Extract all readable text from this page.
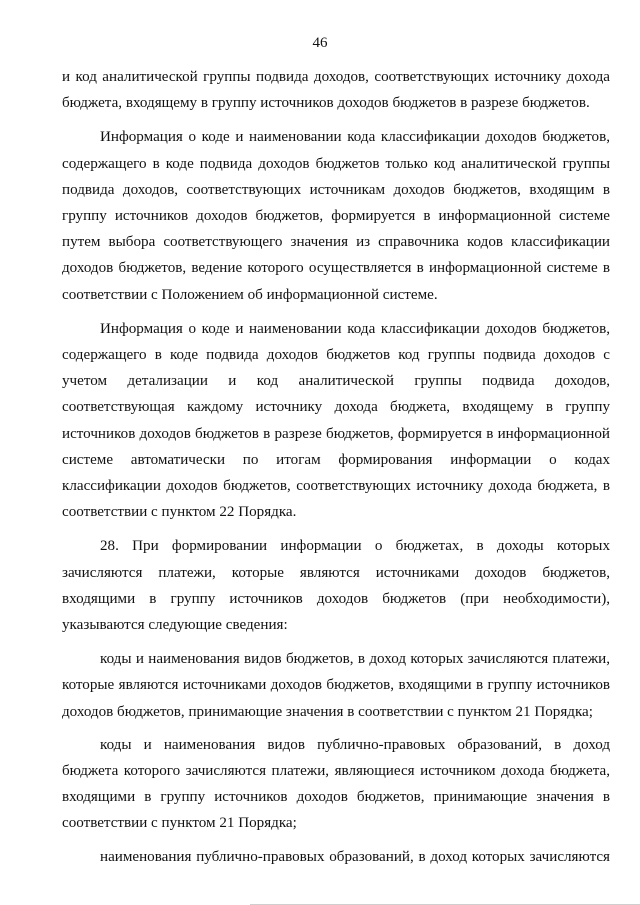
46

и код аналитической группы подвида доходов, соответствующих источнику дохода бюджета, входящему в группу источников доходов бюджетов в разрезе бюджетов.

Информация о коде и наименовании кода классификации доходов бюджетов, содержащего в коде подвида доходов бюджетов только код аналитической группы подвида доходов, соответствующих источникам доходов бюджетов, входящим в группу источников доходов бюджетов, формируется в информационной системе путем выбора соответствующего значения из справочника кодов классификации доходов бюджетов, ведение которого осуществляется в информационной системе в соответствии с Положением об информационной системе.

Информация о коде и наименовании кода классификации доходов бюджетов, содержащего в коде подвида доходов бюджетов код группы подвида доходов с учетом детализации и код аналитической группы подвида доходов, соответствующая каждому источнику дохода бюджета, входящему в группу источников доходов бюджетов в разрезе бюджетов, формируется в информационной системе автоматически по итогам формирования информации о кодах классификации доходов бюджетов, соответствующих источнику дохода бюджета, в соответствии с пунктом 22 Порядка.

28. При формировании информации о бюджетах, в доходы которых зачисляются платежи, которые являются источниками доходов бюджетов, входящими в группу источников доходов бюджетов (при необходимости), указываются следующие сведения:

коды и наименования видов бюджетов, в доход которых зачисляются платежи, которые являются источниками доходов бюджетов, входящими в группу источников доходов бюджетов, принимающие значения в соответствии с пунктом 21 Порядка;

коды и наименования видов публично-правовых образований, в доход бюджета которого зачисляются платежи, являющиеся источником дохода бюджета, входящими в группу источников доходов бюджетов, принимающие значения в соответствии с пунктом 21 Порядка;

наименования публично-правовых образований, в доход которых зачисляются
